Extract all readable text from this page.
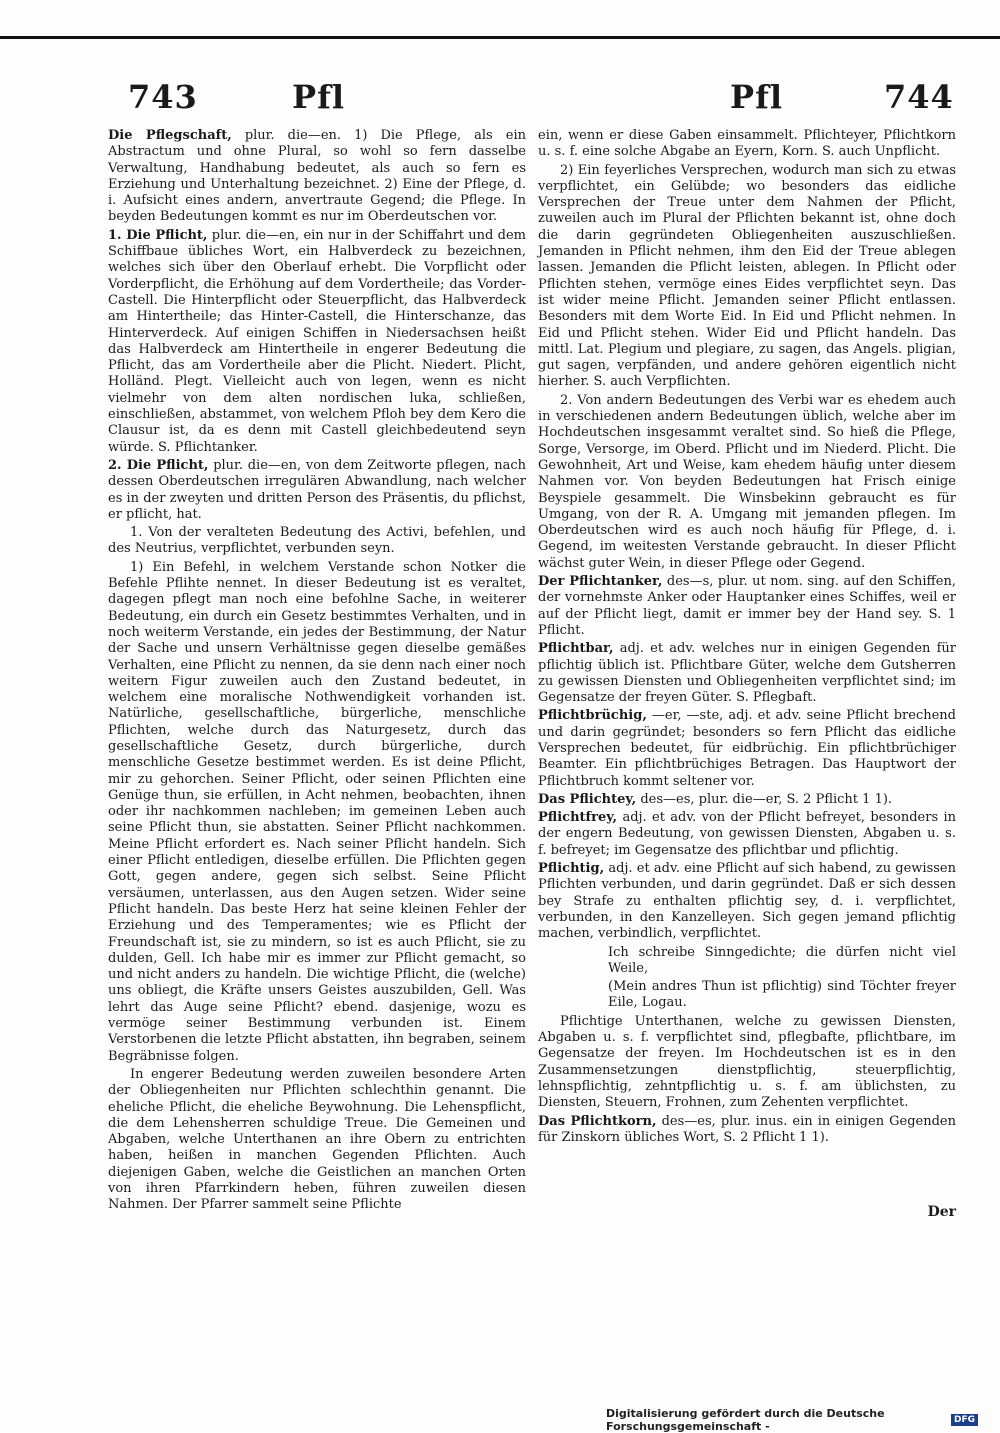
743	Pfl	Pfl	744

Die Pflegschaft, plur. die—en. 1) Die Pflege, als ein Abstractum und ohne Plural, so wohl so fern dasselbe Verwaltung, Handhabung bedeutet, als auch so fern es Erziehung und Unterhaltung bezeichnet. 2) Eine der Pflege, d. i. Aufsicht eines andern, anvertraute Gegend; die Pflege. In beyden Bedeutungen kommt es nur im Oberdeutschen vor.

1. Die Pflicht, plur. die—en, ein nur in der Schiffahrt und dem Schiffbaue übliches Wort, ein Halbverdeck zu bezeichnen, welches sich über den Oberlauf erhebt. Die Vorpflicht oder Vorderpflicht, die Erhöhung auf dem Vordertheile; das Vorder-Castell. Die Hinterpflicht oder Steuerpflicht, das Halbverdeck am Hintertheile; das Hinter-Castell, die Hinterschanze, das Hinterverdeck. Auf einigen Schiffen in Niedersachsen heißt das Halbverdeck am Hintertheile in engerer Bedeutung die Pflicht, das am Vordertheile aber die Plicht. Niedert. Plicht, Holländ. Plegt. Vielleicht auch von legen, wenn es nicht vielmehr von dem alten nordischen luka, schließen, einschließen, abstammet, von welchem Pfloh bey dem Kero die Clausur ist, da es denn mit Castell gleichbedeutend seyn würde. S. Pflichtanker.

2. Die Pflicht, plur. die—en, von dem Zeitworte pflegen, nach dessen Oberdeutschen irregulären Abwandlung, nach welcher es in der zweyten und dritten Person des Präsentis, du pflichst, er pflicht, hat.

1. Von der veralteten Bedeutung des Activi, befehlen, und des Neutrius, verpflichtet, verbunden seyn.

1) Ein Befehl, in welchem Verstande schon Notker die Befehle Pflihte nennet. In dieser Bedeutung ist es veraltet, dagegen pflegt man noch eine befohlne Sache, in weiterer Bedeutung, ein durch ein Gesetz bestimmtes Verhalten, und in noch weiterm Verstande, ein jedes der Bestimmung, der Natur der Sache und unsern Verhältnisse gegen dieselbe gemäßes Verhalten, eine Pflicht zu nennen, da sie denn nach einer noch weitern Figur zuweilen auch den Zustand bedeutet, in welchem eine moralische Nothwendigkeit vorhanden ist. Natürliche, gesellschaftliche, bürgerliche, menschliche Pflichten, welche durch das Naturgesetz, durch das gesellschaftliche Gesetz, durch bürgerliche, durch menschliche Gesetze bestimmet werden. Es ist deine Pflicht, mir zu gehorchen. Seiner Pflicht, oder seinen Pflichten eine Genüge thun, sie erfüllen, in Acht nehmen, beobachten, ihnen oder ihr nachkommen nachleben; im gemeinen Leben auch seine Pflicht thun, sie abstatten. Seiner Pflicht nachkommen. Meine Pflicht erfordert es. Nach seiner Pflicht handeln. Sich einer Pflicht entledigen, dieselbe erfüllen. Die Pflichten gegen Gott, gegen andere, gegen sich selbst. Seine Pflicht versäumen, unterlassen, aus den Augen setzen. Wider seine Pflicht handeln. Das beste Herz hat seine kleinen Fehler der Erziehung und des Temperamentes; wie es Pflicht der Freundschaft ist, sie zu mindern, so ist es auch Pflicht, sie zu dulden, Gell. Ich habe mir es immer zur Pflicht gemacht, so und nicht anders zu handeln. Die wichtige Pflicht, die (welche) uns obliegt, die Kräfte unsers Geistes auszubilden, Gell. Was lehrt das Auge seine Pflicht? ebend. dasjenige, wozu es vermöge seiner Bestimmung verbunden ist. Einem Verstorbenen die letzte Pflicht abstatten, ihn begraben, seinem Begräbnisse folgen.

In engerer Bedeutung werden zuweilen besondere Arten der Obliegenheiten nur Pflichten schlechthin genannt. Die eheliche Pflicht, die eheliche Beywohnung. Die Lehenspflicht, die dem Lehensherren schuldige Treue. Die Gemeinen und Abgaben, welche Unterthanen an ihre Obern zu entrichten haben, heißen in manchen Gegenden Pflichten. Auch diejenigen Gaben, welche die Geistlichen an manchen Orten von ihren Pfarrkindern heben, führen zuweilen diesen Nahmen. Der Pfarrer sammelt seine Pflichte

ein, wenn er diese Gaben einsammelt. Pflichteyer, Pflichtkorn u. s. f. eine solche Abgabe an Eyern, Korn. S. auch Unpflicht.

2) Ein feyerliches Versprechen, wodurch man sich zu etwas verpflichtet, ein Gelübde; wo besonders das eidliche Versprechen der Treue unter dem Nahmen der Pflicht, zuweilen auch im Plural der Pflichten bekannt ist, ohne doch die darin gegründeten Obliegenheiten auszuschließen. Jemanden in Pflicht nehmen, ihm den Eid der Treue ablegen lassen. Jemanden die Pflicht leisten, ablegen. In Pflicht oder Pflichten stehen, vermöge eines Eides verpflichtet seyn. Das ist wider meine Pflicht. Jemanden seiner Pflicht entlassen. Besonders mit dem Worte Eid. In Eid und Pflicht nehmen. In Eid und Pflicht stehen. Wider Eid und Pflicht handeln. Das mittl. Lat. Plegium und plegiare, zu sagen, das Angels. pligian, gut sagen, verpfänden, und andere gehören eigentlich nicht hierher. S. auch Verpflichten.

2. Von andern Bedeutungen des Verbi war es ehedem auch in verschiedenen andern Bedeutungen üblich, welche aber im Hochdeutschen insgesammt veraltet sind. So hieß die Pflege, Sorge, Versorge, im Oberd. Pflicht und im Niederd. Plicht. Die Gewohnheit, Art und Weise, kam ehedem häufig unter diesem Nahmen vor. Von beyden Bedeutungen hat Frisch einige Beyspiele gesammelt. Die Winsbekinn gebraucht es für Umgang, von der R. A. Umgang mit jemanden pflegen. Im Oberdeutschen wird es auch noch häufig für Pflege, d. i. Gegend, im weitesten Verstande gebraucht. In dieser Pflicht wächst guter Wein, in dieser Pflege oder Gegend.

Der Pflichtanker, des—s, plur. ut nom. sing. auf den Schiffen, der vornehmste Anker oder Hauptanker eines Schiffes, weil er auf der Pflicht liegt, damit er immer bey der Hand sey. S. 1 Pflicht.

Pflichtbar, adj. et adv. welches nur in einigen Gegenden für pflichtig üblich ist. Pflichtbare Güter, welche dem Gutsherren zu gewissen Diensten und Obliegenheiten verpflichtet sind; im Gegensatze der freyen Güter. S. Pflegbaft.

Pflichtbrüchig, —er, —ste, adj. et adv. seine Pflicht brechend und darin gegründet; besonders so fern Pflicht das eidliche Versprechen bedeutet, für eidbrüchig. Ein pflichtbrüchiger Beamter. Ein pflichtbrüchiges Betragen. Das Hauptwort der Pflichtbruch kommt seltener vor.

Das Pflichtey, des—es, plur. die—er, S. 2 Pflicht 1 1).

Pflichtfrey, adj. et adv. von der Pflicht befreyet, besonders in der engern Bedeutung, von gewissen Diensten, Abgaben u. s. f. befreyet; im Gegensatze des pflichtbar und pflichtig.

Pflichtig, adj. et adv. eine Pflicht auf sich habend, zu gewissen Pflichten verbunden, und darin gegründet. Daß er sich dessen bey Strafe zu enthalten pflichtig sey, d. i. verpflichtet, verbunden, in den Kanzelleyen. Sich gegen jemand pflichtig machen, verbindlich, verpflichtet.

Ich schreibe Sinngedichte; die dürfen nicht viel Weile,

(Mein andres Thun ist pflichtig) sind Töchter freyer Eile, Logau.

Pflichtige Unterthanen, welche zu gewissen Diensten, Abgaben u. s. f. verpflichtet sind, pflegbafte, pflichtbare, im Gegensatze der freyen. Im Hochdeutschen ist es in den Zusammensetzungen dienstpflichtig, steuerpflichtig, lehnspflichtig, zehntpflichtig u. s. f. am üblichsten, zu Diensten, Steuern, Frohnen, zum Zehenten verpflichtet.

Das Pflichtkorn, des—es, plur. inus. ein in einigen Gegenden für Zinskorn übliches Wort, S. 2 Pflicht 1 1).

Der
Digitalisierung gefördert durch die Deutsche Forschungsgemeinschaft -	DFG
